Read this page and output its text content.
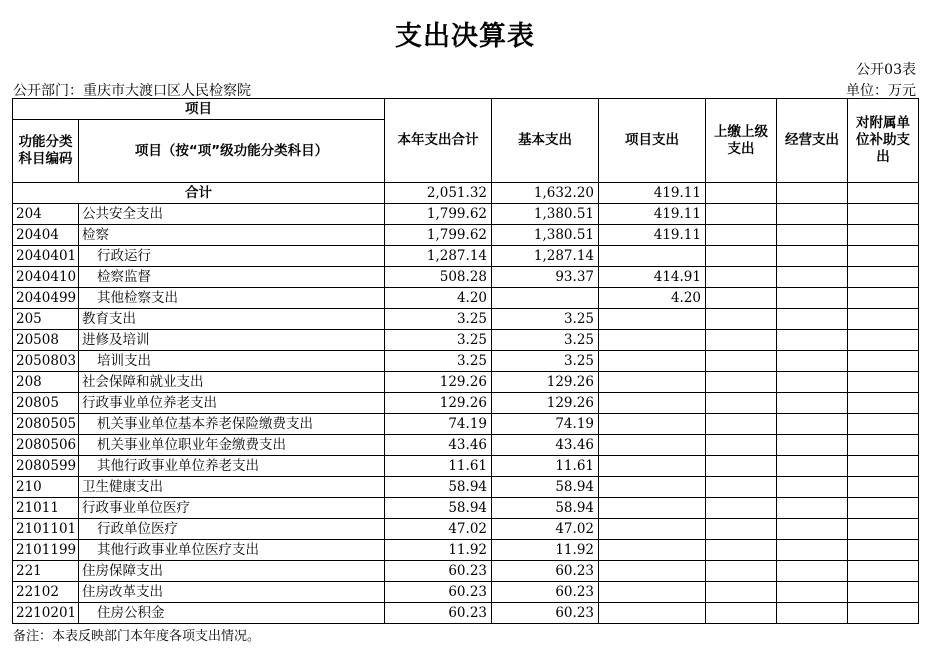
支出决算表
公开03表
公开部门：重庆市大渡口区人民检察院	单位：万元
项目		本年支出合计	基本支出	项目支出	上缴上级支出	经营支出	对附属单位补助支出
功能分类科目编码	项目（按“项”级功能分类科目）						
合计		2,051.32	1,632.20	419.11			
204	公共安全支出	1,799.62	1,380.51	419.11			
20404	检察	1,799.62	1,380.51	419.11			
2040401	行政运行	1,287.14	1,287.14				
2040410	检察监督	508.28	93.37	414.91			
2040499	其他检察支出	4.20		4.20			
205	教育支出	3.25	3.25				
20508	进修及培训	3.25	3.25				
2050803	培训支出	3.25	3.25				
208	社会保障和就业支出	129.26	129.26				
20805	行政事业单位养老支出	129.26	129.26				
2080505	机关事业单位基本养老保险缴费支出	74.19	74.19				
2080506	机关事业单位职业年金缴费支出	43.46	43.46				
2080599	其他行政事业单位养老支出	11.61	11.61				
210	卫生健康支出	58.94	58.94				
21011	行政事业单位医疗	58.94	58.94				
2101101	行政单位医疗	47.02	47.02				
2101199	其他行政事业单位医疗支出	11.92	11.92				
221	住房保障支出	60.23	60.23				
22102	住房改革支出	60.23	60.23				
2210201	住房公积金	60.23	60.23				
备注：本表反映部门本年度各项支出情况。
